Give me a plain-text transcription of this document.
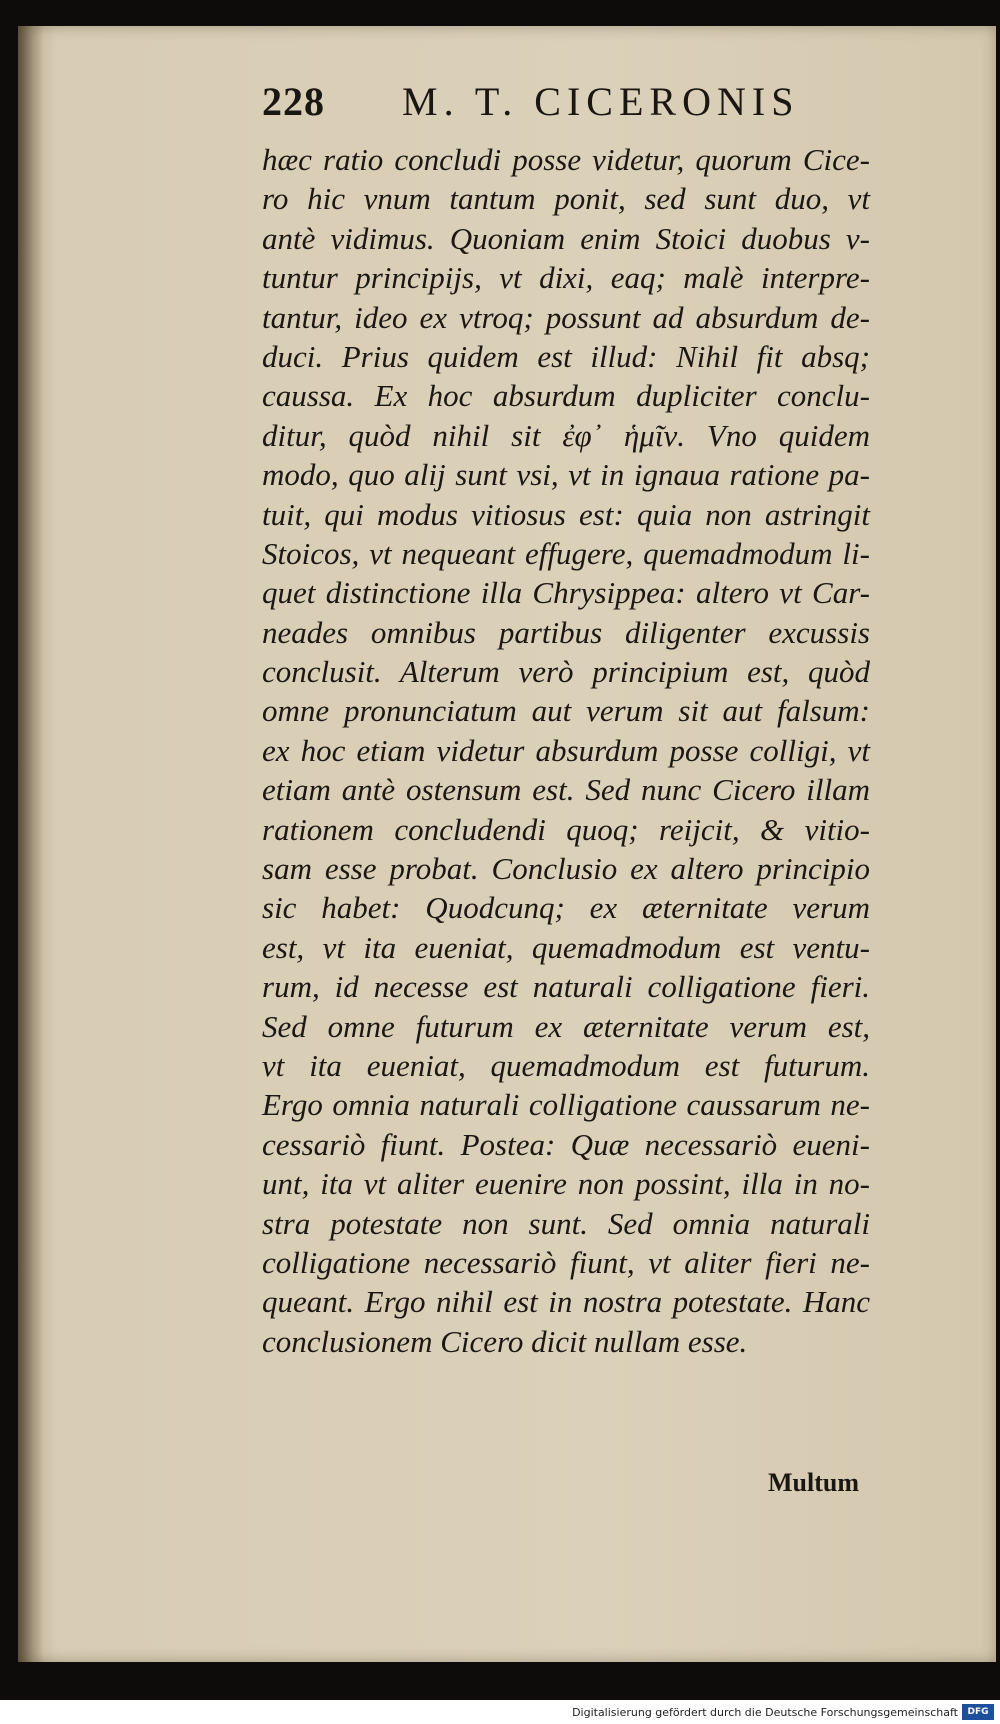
228 M. T. CICERONIS
hæc ratio concludi posse videtur, quorum Cice-
ro hic vnum tantum ponit, sed sunt duo, vt
antè vidimus. Quoniam enim Stoici duobus v-
tuntur principijs, vt dixi, eaq; malè interpre-
tantur, ideo ex vtroq; possunt ad absurdum de-
duci. Prius quidem est illud: Nihil fit absq;
caussa. Ex hoc absurdum dupliciter conclu-
ditur, quòd nihil sit ἐφ᾿ ἡμῖν. Vno quidem
modo, quo alij sunt vsi, vt in ignaua ratione pa-
tuit, qui modus vitiosus est: quia non astringit
Stoicos, vt nequeant effugere, quemadmodum li-
quet distinctione illa Chrysippea: altero vt Car-
neades omnibus partibus diligenter excussis
conclusit. Alterum verò principium est, quòd
omne pronunciatum aut verum sit aut falsum:
ex hoc etiam videtur absurdum posse colligi, vt
etiam antè ostensum est. Sed nunc Cicero illam
rationem concludendi quoq; reijcit, & vitio-
sam esse probat. Conclusio ex altero principio
sic habet: Quodcunq; ex æternitate verum
est, vt ita eueniat, quemadmodum est ventu-
rum, id necesse est naturali colligatione fieri.
Sed omne futurum ex æternitate verum est,
vt ita eueniat, quemadmodum est futurum.
Ergo omnia naturali colligatione caussarum ne-
cessariò fiunt. Postea: Quæ necessariò eueni-
unt, ita vt aliter euenire non possint, illa in no-
stra potestate non sunt. Sed omnia naturali
colligatione necessariò fiunt, vt aliter fieri ne-
queant. Ergo nihil est in nostra potestate. Hanc
conclusionem Cicero dicit nullam esse.
Multum
Digitalisierung gefördert durch die Deutsche Forschungsgemeinschaft	DFG
